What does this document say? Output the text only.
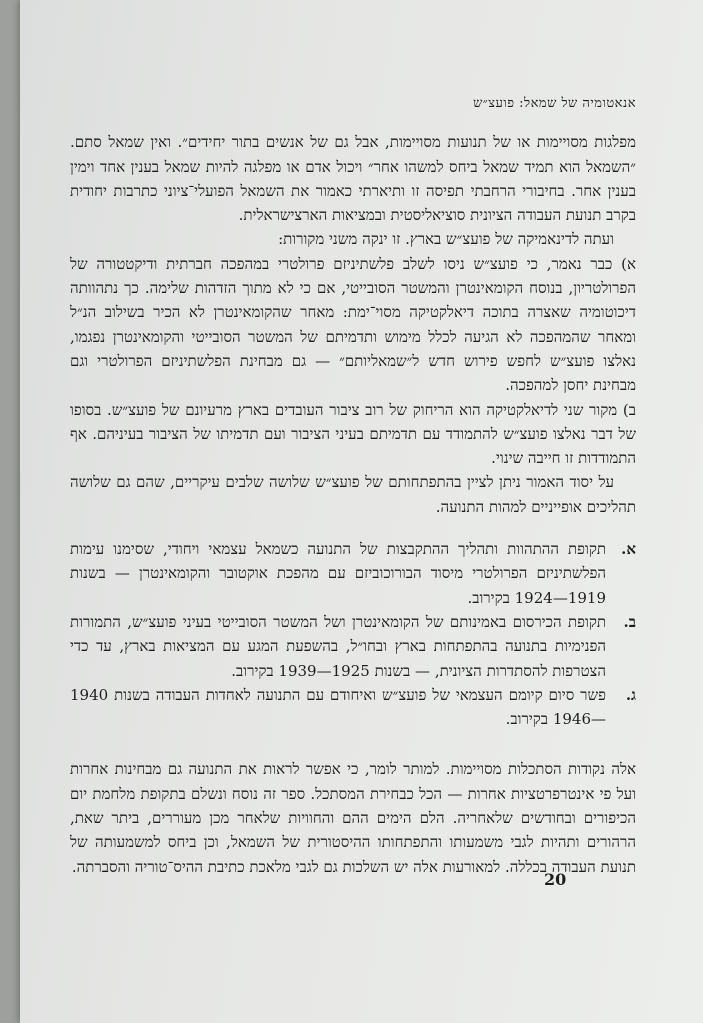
אנאטומיה של שמאל: פועצ״ש

מפלגות מסויימות או של תנועות מסויימות, אבל גם של אנשים בתור יחידים״. ואין שמאל סתם. ״השמאל הוא תמיד שמאל ביחס למשהו אחר״ ויכול אדם או מפלגה להיות שמאל בענין אחד וימין בענין אחר. בחיבורי הרחבתי תפיסה זו ותיארתי כאמור את השמאל הפועלי־ציוני כתרבות יחודית בקרב תנועת העבודה הציונית סוציאליסטית ובמציאות הארצישראלית.

ועתה לדינאמיקה של פועצ״ש בארץ. זו ינקה משני מקורות:

א) כבר נאמר, כי פועצ״ש ניסו לשלב פלשתיניזם פרולטרי במהפכה חברתית ודיקטטורה של הפרולטריון, בנוסח הקומאינטרן והמשטר הסובייטי, אם כי לא מתוך הזדהות שלימה. כך נתהוותה דיכוטומיה שאצרה בתוכה דיאלקטיקה מסוי־ימת: מאחר שהקומאינטרן לא הכיר בשילוב הנ״ל ומאחר שהמהפכה לא הגיעה לכלל מימוש ותדמיתם של המשטר הסובייטי והקומאינטרן נפגמו, נאלצו פועצ״ש לחפש פירוש חדש ל״שמאליותם״ — גם מבחינת הפלשתיניזם הפרולטרי וגם מבחינת יחסן למהפכה.

ב) מקור שני לדיאלקטיקה הוא הריחוק של רוב ציבור העובדים בארץ מרעיונם של פועצ״ש. בסופו של דבר נאלצו פועצ״ש להתמודד עם תדמיתם בעיני הציבור ועם תדמיתו של הציבור בעיניהם. אף התמודדות זו חייבה שינוי.

על יסוד האמור ניתן לציין בהתפתחותם של פועצ״ש שלושה שלבים עיקריים, שהם גם שלושה תהליכים אופייניים למהות התנועה.

א.
תקופת ההתהוות ותהליך ההתקבצות של התנועה כשמאל עצמאי ויחודי, שסימנו עימות הפלשתיניזם הפרולטרי מיסוד הבורוכוביזם עם מהפכת אוקטובר והקומאינטרן — בשנות 1919—1924 בקירוב.
ב.
תקופת הכירסום באמינותם של הקומאינטרן ושל המשטר הסובייטי בעיני פועצ״ש, התמורות הפנימיות בתנועה בהתפתחות בארץ ובחו״ל, בהשפעת המגע עם המציאות בארץ, עד כדי הצטרפות להסתדרות הציונית, — בשנות 1925—1939 בקירוב.
ג.
פשר סיום קיומם העצמאי של פועצ״ש ואיחודם עם התנועה לאחדות העבודה בשנות 1940—1946 בקירוב.

אלה נקודות הסתכלות מסויימות. למותר לומר, כי אפשר לראות את התנועה גם מבחינות אחרות ועל פי אינטרפרטציות אחרות — הכל כבחירת המסתכל. ספר זה נוסח ונשלם בתקופת מלחמת יום הכיפורים ובחודשים שלאחריה. הלם הימים ההם והחוויות שלאחר מכן מעוררים, ביתר שאת, הרהורים ותהיות לגבי משמעותו והתפתחותו ההיסטורית של השמאל, וכן ביחס למשמעותה של תנועת העבודה בכללה. למאורעות אלה יש השלכות גם לגבי מלאכת כתיבת ההיס־טוריה והסברתה.

20
